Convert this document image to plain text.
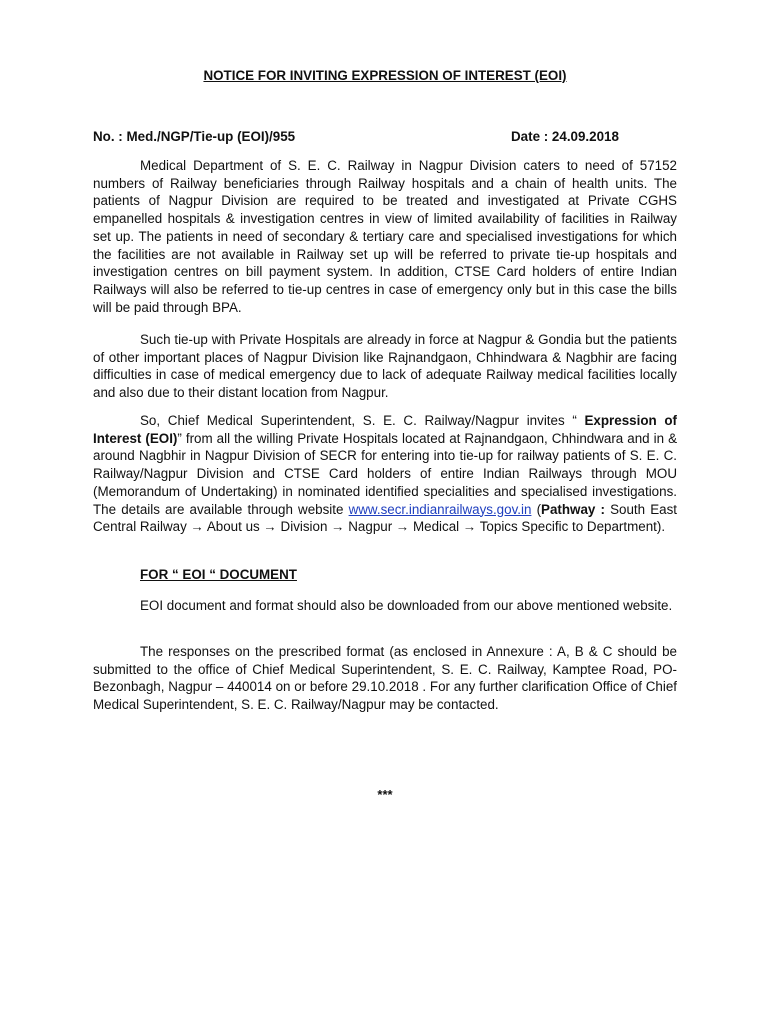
NOTICE FOR INVITING EXPRESSION OF INTEREST (EOI)
No. : Med./NGP/Tie-up (EOI)/955	Date : 24.09.2018

Medical Department of S. E. C. Railway in Nagpur Division caters to need of 57152 numbers of Railway beneficiaries through Railway hospitals and a chain of health units. The patients of Nagpur Division are required to be treated and investigated at Private CGHS empanelled hospitals & investigation centres in view of limited availability of facilities in Railway set up. The patients in need of secondary & tertiary care and specialised investigations for which the facilities are not available in Railway set up will be referred to private tie-up hospitals and investigation centres on bill payment system. In addition, CTSE Card holders of entire Indian Railways will also be referred to tie-up centres in case of emergency only but in this case the bills will be paid through BPA.

Such tie-up with Private Hospitals are already in force at Nagpur & Gondia but the patients of other important places of Nagpur Division like Rajnandgaon, Chhindwara & Nagbhir are facing difficulties in case of medical emergency due to lack of adequate Railway medical facilities locally and also due to their distant location from Nagpur.

So, Chief Medical Superintendent, S. E. C. Railway/Nagpur invites “ Expression of Interest (EOI)” from all the willing Private Hospitals located at Rajnandgaon, Chhindwara and in & around Nagbhir in Nagpur Division of SECR for entering into tie-up for railway patients of S. E. C. Railway/Nagpur Division and CTSE Card holders of entire Indian Railways through MOU (Memorandum of Undertaking) in nominated identified specialities and specialised investigations. The details are available through website www.secr.indianrailways.gov.in (Pathway : South East Central Railway → About us → Division → Nagpur → Medical → Topics Specific to Department).

FOR “ EOI “ DOCUMENT

EOI document and format should also be downloaded from our above mentioned website.

The responses on the prescribed format (as enclosed in Annexure : A, B & C should be submitted to the office of Chief Medical Superintendent, S. E. C. Railway, Kamptee Road, PO- Bezonbagh, Nagpur – 440014 on or before 29.10.2018 . For any further clarification Office of Chief Medical Superintendent, S. E. C. Railway/Nagpur may be contacted.

***
